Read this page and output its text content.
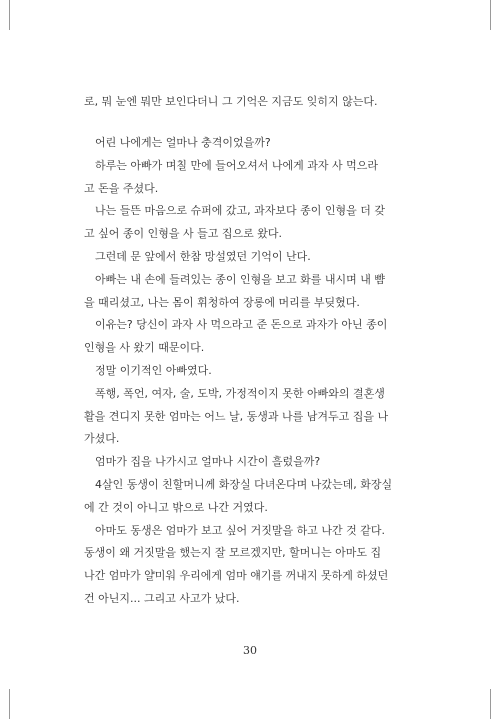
로, 뭐 눈엔 뭐만 보인다더니 그 기억은 지금도 잊히지 않는다.
어린 나에게는 얼마나 충격이었을까?
하루는 아빠가 며칠 만에 들어오셔서 나에게 과자 사 먹으라
고 돈을 주셨다.
나는 들뜬 마음으로 슈퍼에 갔고, 과자보다 종이 인형을 더 갖
고 싶어 종이 인형을 사 들고 집으로 왔다.
그런데 문 앞에서 한참 망설였던 기억이 난다.
아빠는 내 손에 들려있는 종이 인형을 보고 화를 내시며 내 뺨
을 때리셨고, 나는 몸이 휘청하여 장롱에 머리를 부딪혔다.
이유는? 당신이 과자 사 먹으라고 준 돈으로 과자가 아닌 종이
인형을 사 왔기 때문이다.
정말 이기적인 아빠였다.
폭행, 폭언, 여자, 술, 도박, 가정적이지 못한 아빠와의 결혼생
활을 견디지 못한 엄마는 어느 날, 동생과 나를 남겨두고 집을 나
가셨다.
엄마가 집을 나가시고 얼마나 시간이 흘렀을까?
4살인 동생이 친할머니께 화장실 다녀온다며 나갔는데, 화장실
에 간 것이 아니고 밖으로 나간 거였다.
아마도 동생은 엄마가 보고 싶어 거짓말을 하고 나간 것 같다.
동생이 왜 거짓말을 했는지 잘 모르겠지만, 할머니는 아마도 집
나간 엄마가 얄미워 우리에게 엄마 얘기를 꺼내지 못하게 하셨던
건 아닌지... 그리고 사고가 났다.
30
